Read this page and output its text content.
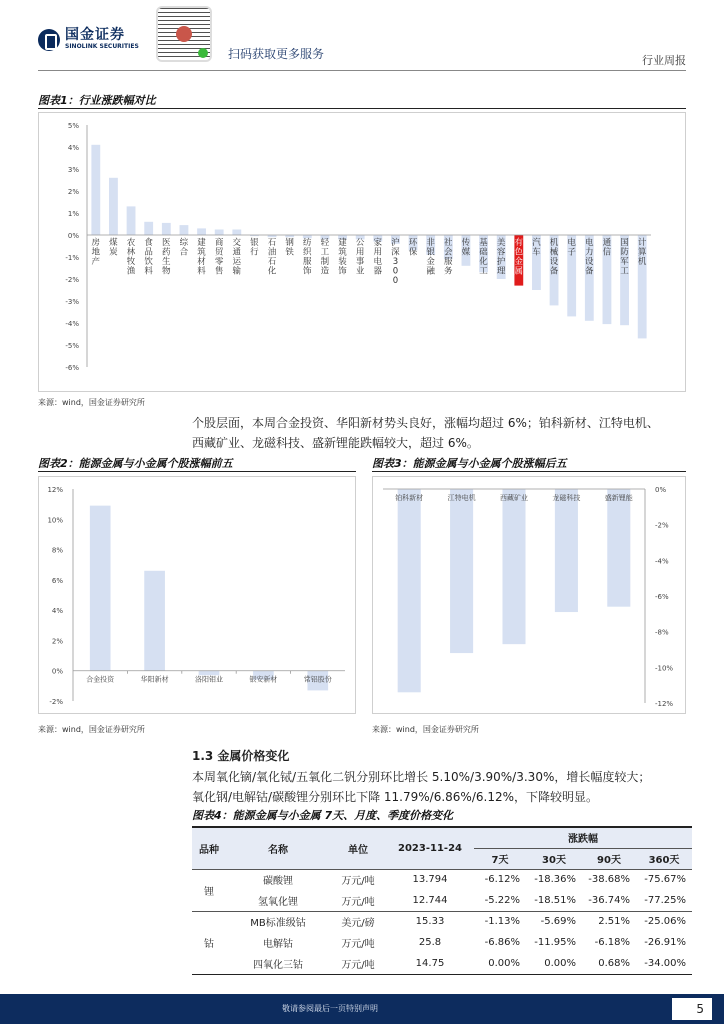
国金证券
SINOLINK SECURITIES
扫码获取更多服务	行业周报
图表1：行业涨跌幅对比
5%
4%
3%
2%
1%
0%
-1%
-2%
-3%
-4%
-5%
-6%
房地产
煤炭
农林牧渔
食品饮料
医药生物
综合
建筑材料
商贸零售
交通运输
银行
石油石化
钢铁
纺织服饰
轻工制造
建筑装饰
公用事业
家用电器
沪深 3 0 0
环保
非银金融
社会服务
传媒
基础化工
美容护理
有色金属
汽车
机械设备
电子
电力设备
通信
国防军工
计算机
来源：wind，国金证券研究所
个股层面，本周合金投资、华阳新材势头良好，涨幅均超过 6%；铂科新材、江特电机、
西藏矿业、龙磁科技、盛新锂能跌幅较大，超过 6%。
图表2：能源金属与小金属个股涨幅前五
12%
10%
8%
6%
4%
2%
0%
-2%
合金投资	华阳新材	洛阳钼业	银安新材	常铝股份
来源：wind，国金证券研究所
图表3：能源金属与小金属个股涨幅后五
0%
-2%
-4%
-6%
-8%
-10%
-12%
铂科新材	江特电机	西藏矿业	龙磁科技	盛新锂能
来源：wind，国金证券研究所
1.3 金属价格变化
本周氧化镝/氧化铽/五氧化二钒分别环比增长 5.10%/3.90%/3.30%，增长幅度较大；
氧化钢/电解钴/碳酸锂分别环比下降 11.79%/6.86%/6.12%，下降较明显。
图表4：能源金属与小金属 7天、月度、季度价格变化
品种	名称	单位	2023-11-24	涨跌幅			
				7天	30天	90天	360天
锂	碳酸锂	万元/吨	13.794	-6.12%	-18.36%	-38.68%	-75.67%
	氢氧化锂	万元/吨	12.744	-5.22%	-18.51%	-36.74%	-77.25%
钴	MB标准级钴	美元/磅	15.33	-1.13%	-5.69%	2.51%	-25.06%
	电解钴	万元/吨	25.8	-6.86%	-11.95%	-6.18%	-26.91%
	四氧化三钴	万元/吨	14.75	0.00%	0.00%	0.68%	-34.00%
敬请参阅最后一页特别声明	5
